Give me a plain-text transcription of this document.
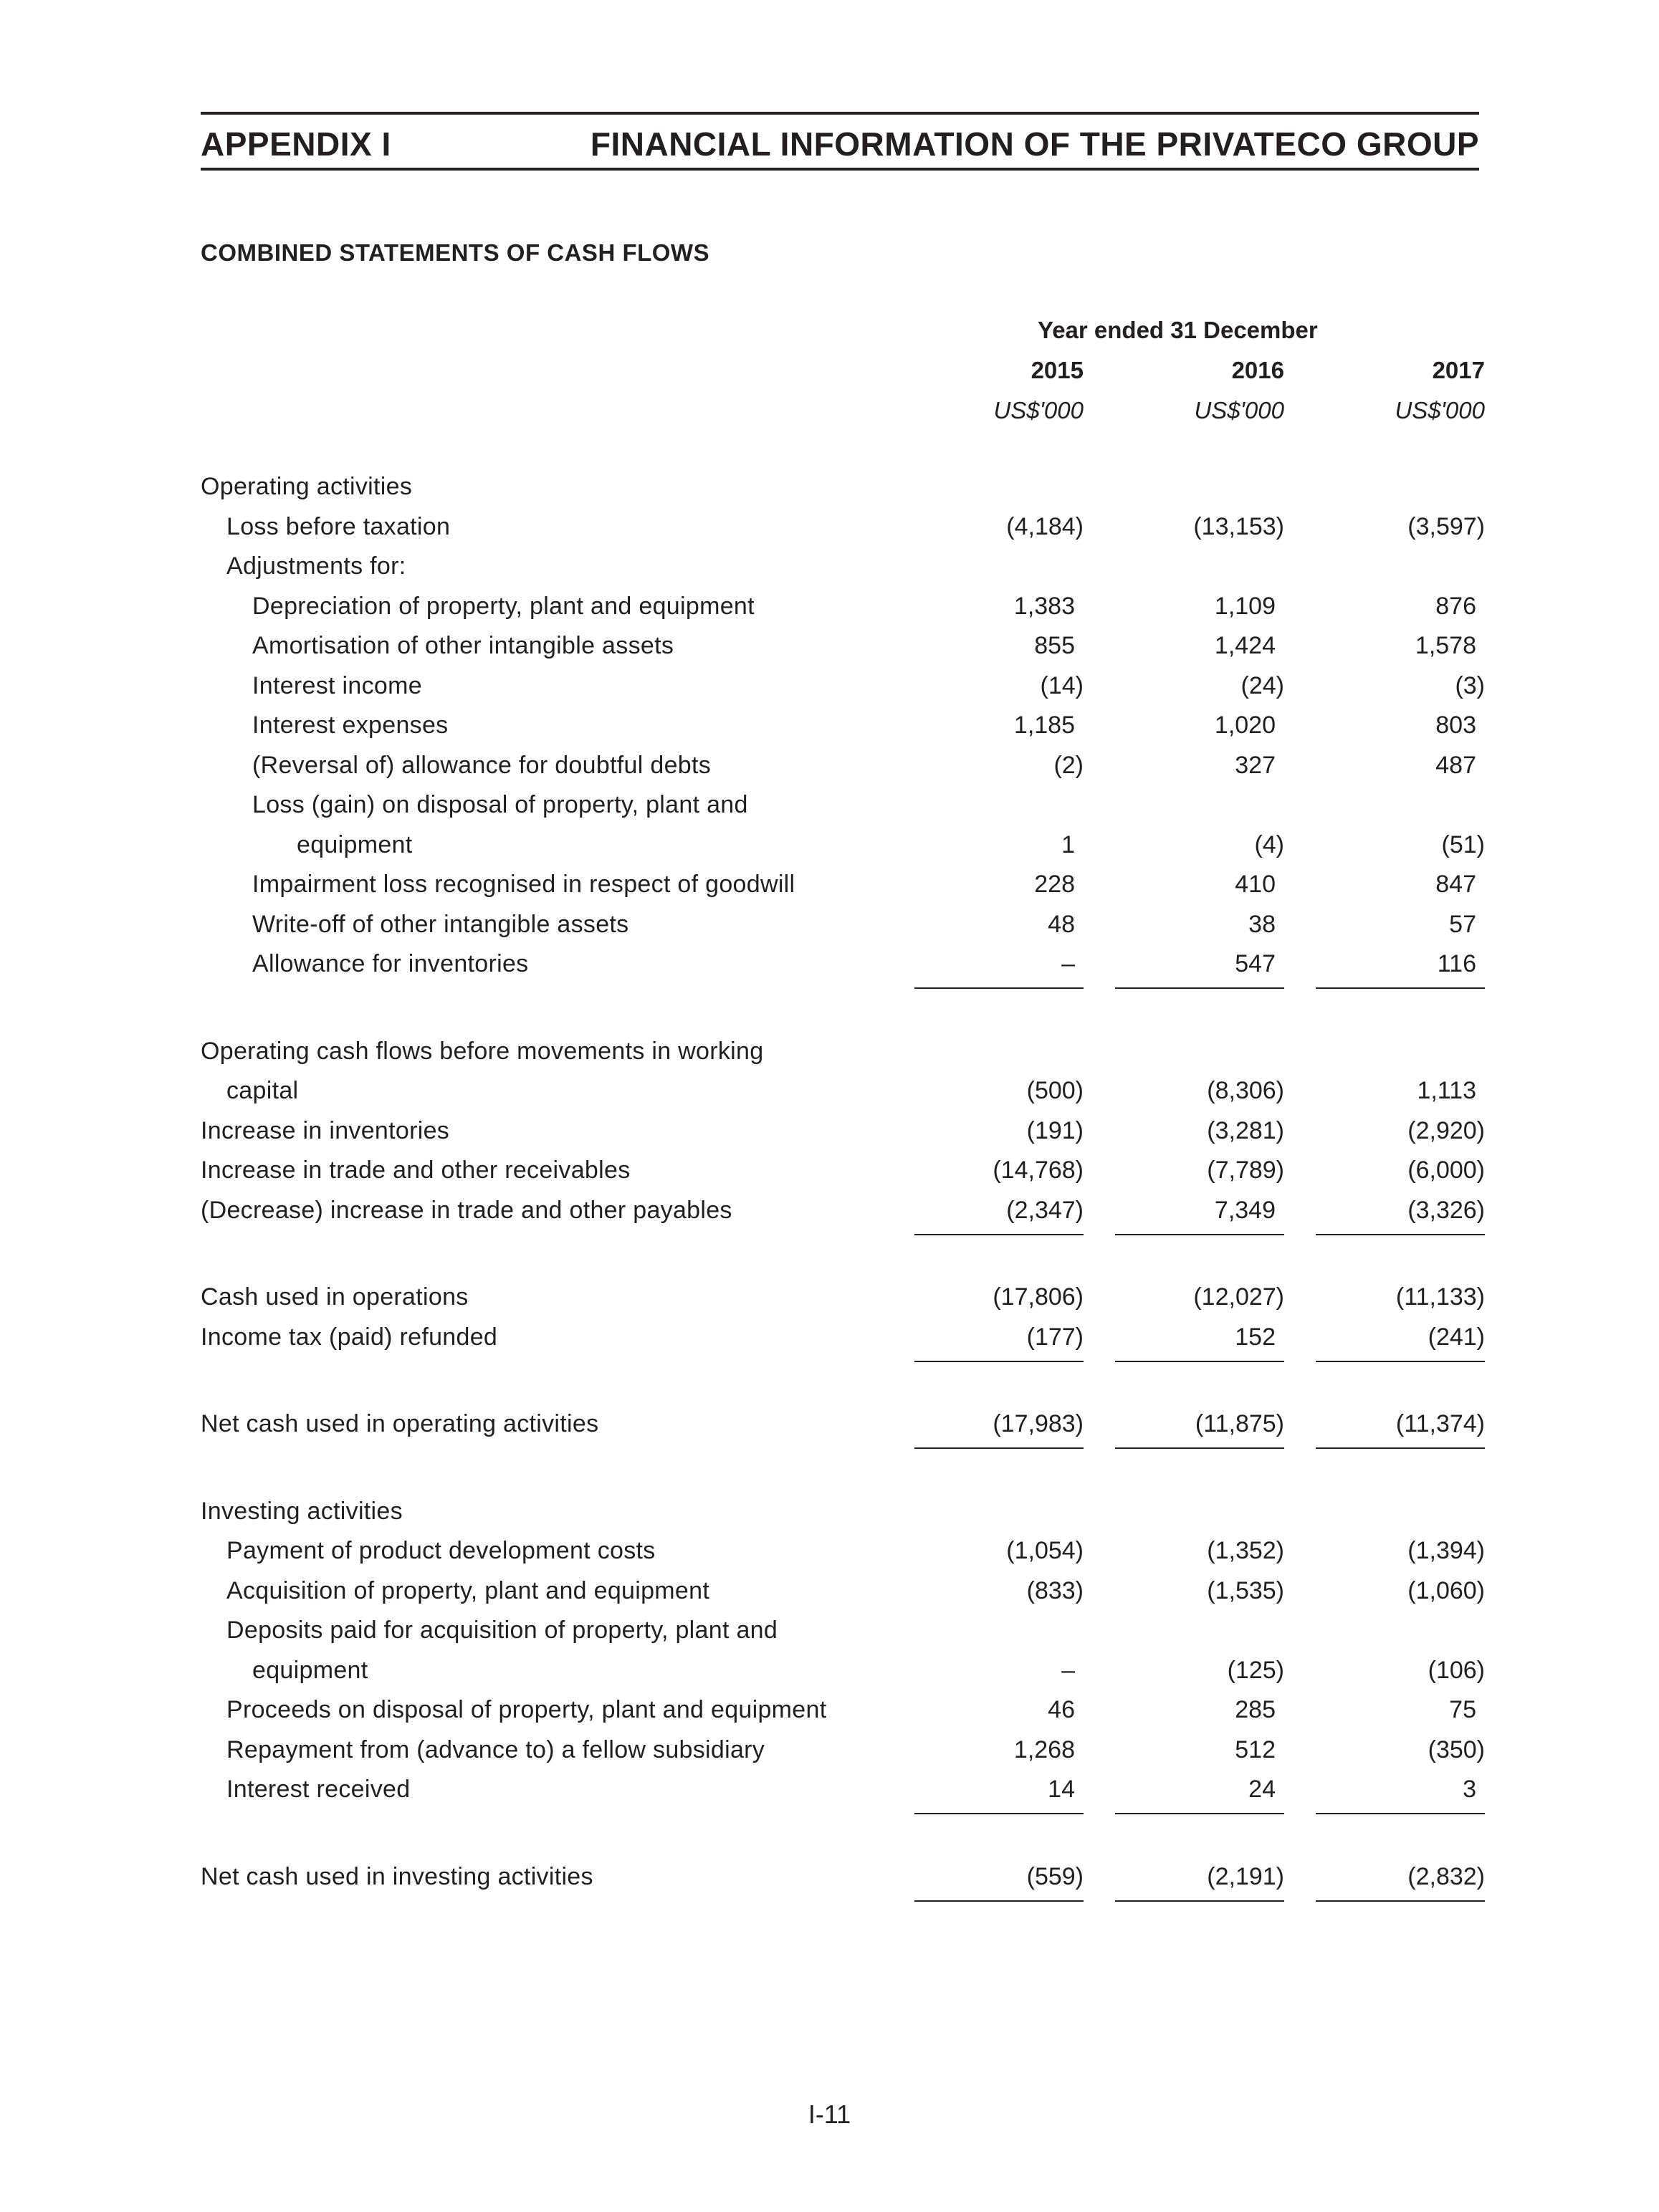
APPENDIX I	FINANCIAL INFORMATION OF THE PRIVATECO GROUP
COMBINED STATEMENTS OF CASH FLOWS
Year ended 31 December
2015	2016	2017
US$'000	US$'000	US$'000
Operating activities
Loss before taxation	(4,184)	(13,153)	(3,597)
Adjustments for:
Depreciation of property, plant and equipment	1,383	1,109	876
Amortisation of other intangible assets	855	1,424	1,578
Interest income	(14)	(24)	(3)
Interest expenses	1,185	1,020	803
(Reversal of) allowance for doubtful debts	(2)	327	487
Loss (gain) on disposal of property, plant and
equipment	1	(4)	(51)
Impairment loss recognised in respect of goodwill	228	410	847
Write-off of other intangible assets	48	38	57
Allowance for inventories	–	547	116
Operating cash flows before movements in working
capital	(500)	(8,306)	1,113
Increase in inventories	(191)	(3,281)	(2,920)
Increase in trade and other receivables	(14,768)	(7,789)	(6,000)
(Decrease) increase in trade and other payables	(2,347)	7,349	(3,326)
Cash used in operations	(17,806)	(12,027)	(11,133)
Income tax (paid) refunded	(177)	152	(241)
Net cash used in operating activities	(17,983)	(11,875)	(11,374)
Investing activities
Payment of product development costs	(1,054)	(1,352)	(1,394)
Acquisition of property, plant and equipment	(833)	(1,535)	(1,060)
Deposits paid for acquisition of property, plant and
equipment	–	(125)	(106)
Proceeds on disposal of property, plant and equipment	46	285	75
Repayment from (advance to) a fellow subsidiary	1,268	512	(350)
Interest received	14	24	3
Net cash used in investing activities	(559)	(2,191)	(2,832)
I-11
